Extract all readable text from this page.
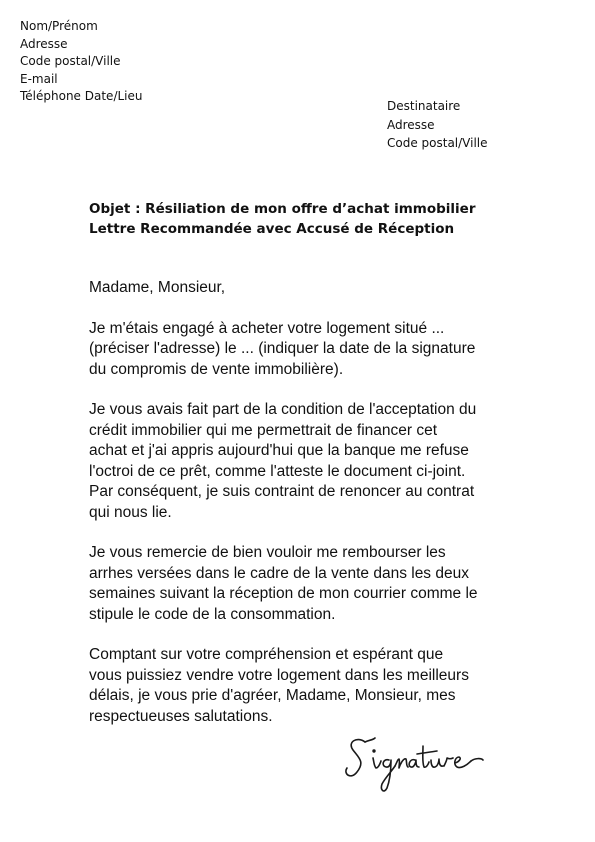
Nom/Prénom
Adresse
Code postal/Ville
E-mail
Téléphone Date/Lieu
Destinataire
Adresse
Code postal/Ville
Objet : Résiliation de mon offre d’achat immobilier
Lettre Recommandée avec Accusé de Réception

Madame, Monsieur,

Je m'étais engagé à acheter votre logement situé ...
(préciser l'adresse) le ... (indiquer la date de la signature
du compromis de vente immobilière).

Je vous avais fait part de la condition de l'acceptation du
crédit immobilier qui me permettrait de financer cet
achat et j'ai appris aujourd'hui que la banque me refuse
l'octroi de ce prêt, comme l'atteste le document ci-joint.
Par conséquent, je suis contraint de renoncer au contrat
qui nous lie.

Je vous remercie de bien vouloir me rembourser les
arrhes versées dans le cadre de la vente dans les deux
semaines suivant la réception de mon courrier comme le
stipule le code de la consommation.

Comptant sur votre compréhension et espérant que
vous puissiez vendre votre logement dans les meilleurs
délais, je vous prie d'agréer, Madame, Monsieur, mes
respectueuses salutations.
